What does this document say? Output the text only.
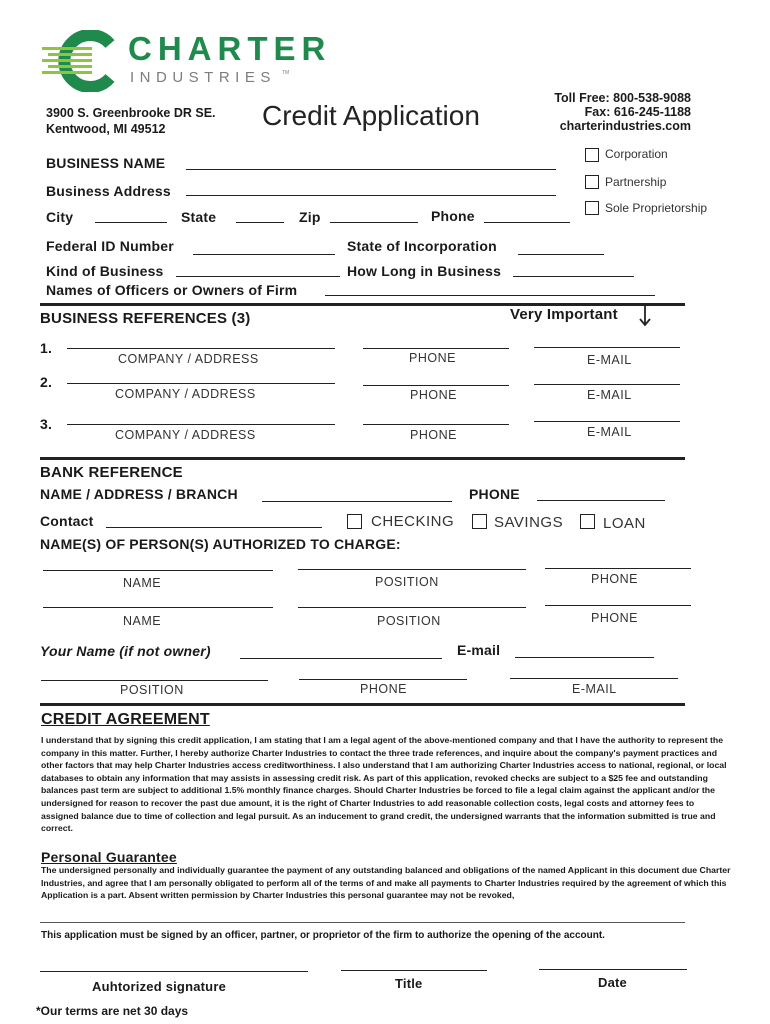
CHARTER
INDUSTRIES TM
3900 S. Greenbrooke DR SE.
Kentwood, MI 49512	Credit Application
Toll Free: 800-538-9088
Fax: 616-245-1188
charterindustries.com
BUSINESS NAME
Business Address
City	State	Zip	Phone
Corporation
Partnership
Sole Proprietorship
Federal ID Number	State of Incorporation
Kind of Business	How Long in Business
Names of Officers or Owners of Firm
BUSINESS REFERENCES (3)	Very Important
1.
COMPANY / ADDRESS	PHONE	E-MAIL
2.
COMPANY / ADDRESS	PHONE	E-MAIL
3.
COMPANY / ADDRESS	PHONE	E-MAIL
BANK REFERENCE
NAME / ADDRESS / BRANCH	PHONE
Contact	CHECKING	SAVINGS	LOAN
NAME(S) OF PERSON(S) AUTHORIZED TO CHARGE:
NAME	POSITION	PHONE
NAME	POSITION	PHONE
Your Name (if not owner)	E-mail
POSITION	PHONE	E-MAIL
CREDIT AGREEMENT
I understand that by signing this credit application, I am stating that I am a legal agent of the above-mentioned company and that I have the authority to represent the company in this matter. Further, I hereby authorize Charter Industries to contact the three trade references, and inquire about the company's payment practices and other factors that may help Charter Industries access creditworthiness. I also understand that I am authorizing Charter Industries access to national, regional, or local databases to obtain any information that may assists in assessing credit risk. As part of this application, revoked checks are subject to a $25 fee and outstanding balances past term are subject to additional 1.5% monthly finance charges. Should Charter Industries be forced to file a legal claim against the applicant and/or the undersigned for reason to recover the past due amount, it is the right of Charter Industries to add reasonable collection costs, legal costs and attorney fees to assigned balance due to time of collection and legal pursuit. As an inducement to grand credit, the undersigned warrants that the information submitted is true and correct.
Personal Guarantee
The undersigned personally and individually guarantee the payment of any outstanding balanced and obligations of the named Applicant in this document due Charter Industries, and agree that I am personally obligated to perform all of the terms of and make all payments to Charter Industries required by the agreement of which this Application is a part. Absent written permission by Charter Industries this personal guarantee may not be revoked,
This application must be signed by an officer, partner, or proprietor of the firm to authorize the opening of the account.
Auhtorized signature	Title	Date
*Our terms are net 30 days
